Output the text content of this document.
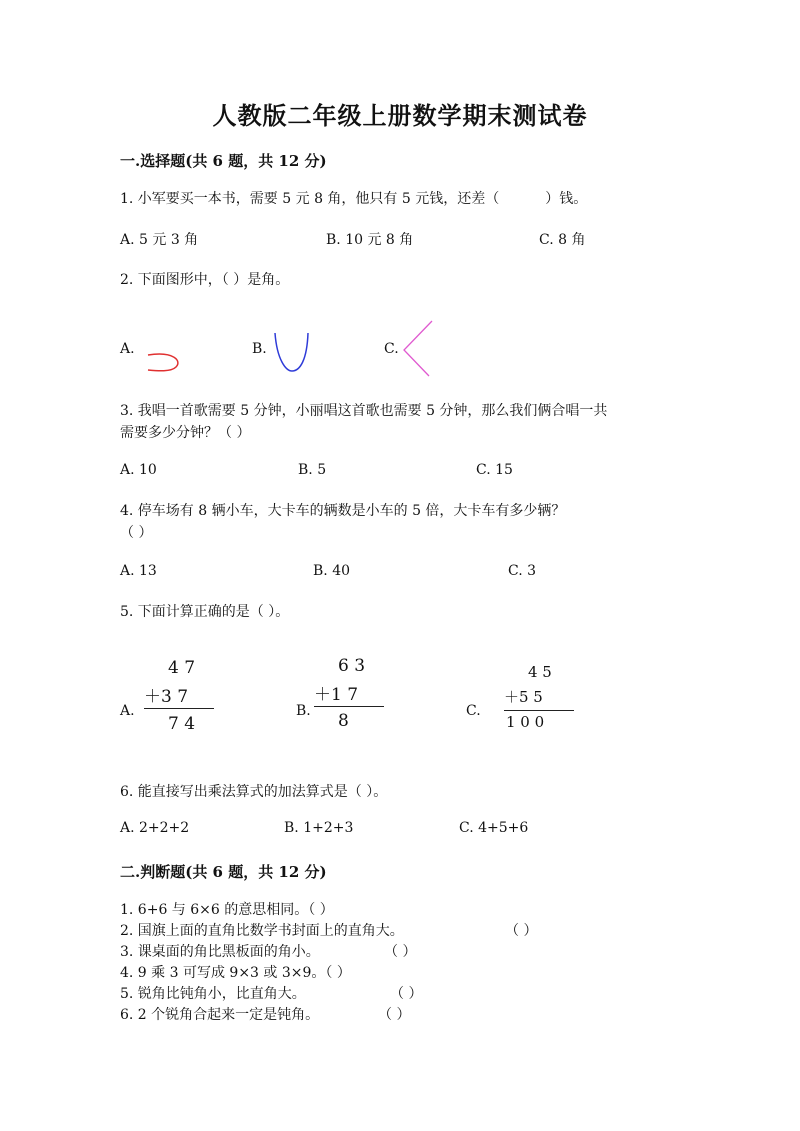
人教版二年级上册数学期末测试卷
一.选择题(共 6 题，共 12 分)
1. 小军要买一本书，需要 5 元 8 角，他只有 5 元钱，还差（	）钱。
A. 5 元 3 角	B. 10 元 8 角	C. 8 角
2. 下面图形中，（ ）是角。
A.	B.	C.
3. 我唱一首歌需要 5 分钟，小丽唱这首歌也需要 5 分钟，那么我们俩合唱一共
需要多少分钟？（ ）
A. 10	B. 5	C. 15
4. 停车场有 8 辆小车，大卡车的辆数是小车的 5 倍，大卡车有多少辆？
（ ）
A. 13	B. 40	C. 3
5. 下面计算正确的是（ ）。
A.
4 7
＋3 7
7 4
B.
6 3
＋1 7
8	C.
4 5
＋5 5
1 0 0
6. 能直接写出乘法算式的加法算式是（ ）。
A. 2+2+2	B. 1+2+3	C. 4+5+6
二.判断题(共 6 题，共 12 分)
1. 6+6 与 6×6 的意思相同。（ ）
2. 国旗上面的直角比数学书封面上的直角大。	（ ）
3. 课桌面的角比黑板面的角小。	（ ）
4. 9 乘 3 可写成 9×3 或 3×9。（ ）
5. 锐角比钝角小，比直角大。	（ ）
6. 2 个锐角合起来一定是钝角。	（ ）
